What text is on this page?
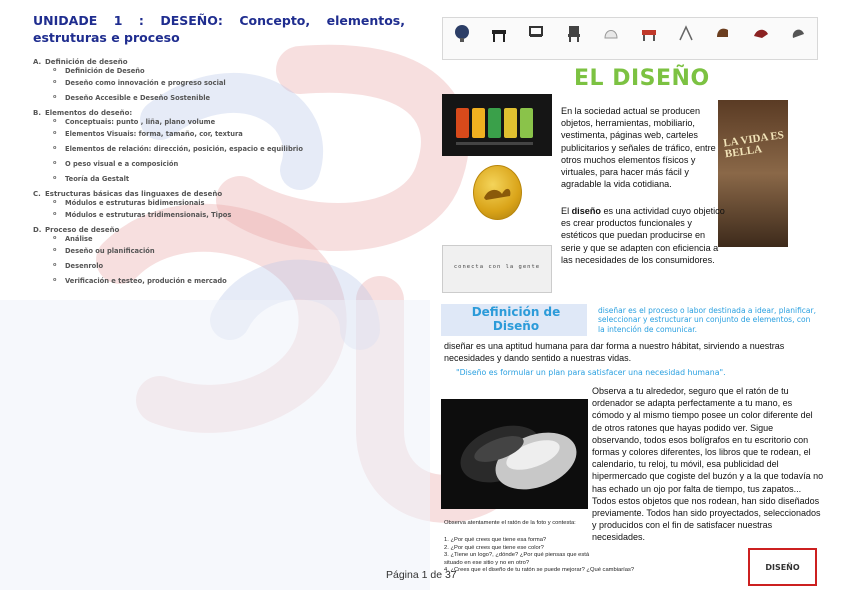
UNIDADE 1 : DESEÑO: Concepto, elementos, estruturas e proceso

A. Definición de deseño

o Definición de Deseño
o Deseño como innovación e progreso social
o Deseño Accesible e Deseño Sostenible

B. Elementos do deseño:

o Conceptuais: punto , liña, plano volume
o Elementos Visuais: forma, tamaño, cor, textura
o Elementos de relación: dirección, posición, espacio e equilibrio
o O peso visual e a composición
o Teoría da Gestalt

C. Estructuras básicas das linguaxes de deseño

o Módulos e estruturas bidimensionais
o Módulos e estruturas tridimensionais, Tipos

D. Proceso de deseño

o Análise
o Deseño ou planificación
o Desenrolo
o Verificación e testeo, produción e mercado
EL DISEÑO
conecta con la gente
LA VIDA ES BELLA

En la sociedad actual se producen objetos, herramientas, mobiliario, vestimenta, páginas web, carteles publicitarios y señales de tráfico, entre otros muchos elementos físicos y virtuales, para hacer más fácil y agradable la vida cotidiana.

El diseño es una actividad cuyo objetico es crear productos funcionales y estéticos que puedan producirse en serie y que se adapten con eficiencia a las necesidades de los consumidores.

Definición de Diseño

diseñar es el proceso o labor destinada a idear, planificar, seleccionar y estructurar un conjunto de elementos, con la intención de comunicar.

diseñar es una aptitud humana para dar forma a nuestro hábitat, sirviendo a nuestras necesidades y dando sentido a nuestras vidas.

"Diseño es formular un plan para satisfacer una necesidad humana".

Observa a tu alrededor, seguro que el ratón de tu ordenador se adapta perfectamente a tu mano, es cómodo y al mismo tiempo posee un color diferente del de otros ratones que hayas podido ver. Sigue observando, todos esos bolígrafos en tu escritorio con formas y colores diferentes, los libros que te rodean, el calendario, tu reloj, tu móvil, esa publicidad del hipermercado que cogiste del buzón y a la que todavía no has echado un ojo por falta de tiempo, tus zapatos... Todos estos objetos que nos rodean, han sido diseñados previamente. Todos han sido proyectados, seleccionados y producidos con el fin de satisfacer nuestras necesidades.

Observa atentamente el ratón de la foto y contesta:

1. ¿Por qué crees que tiene esa forma?
2. ¿Por qué crees que tiene ese color?
3. ¿Tiene un logo?, ¿dónde? ¿Por qué piensas que está situado en ese sitio y no en otro?
4. ¿Crees que el diseño de tu ratón se puede mejorar? ¿Qué cambiarías?

Página 1 de 37

DISEÑO
